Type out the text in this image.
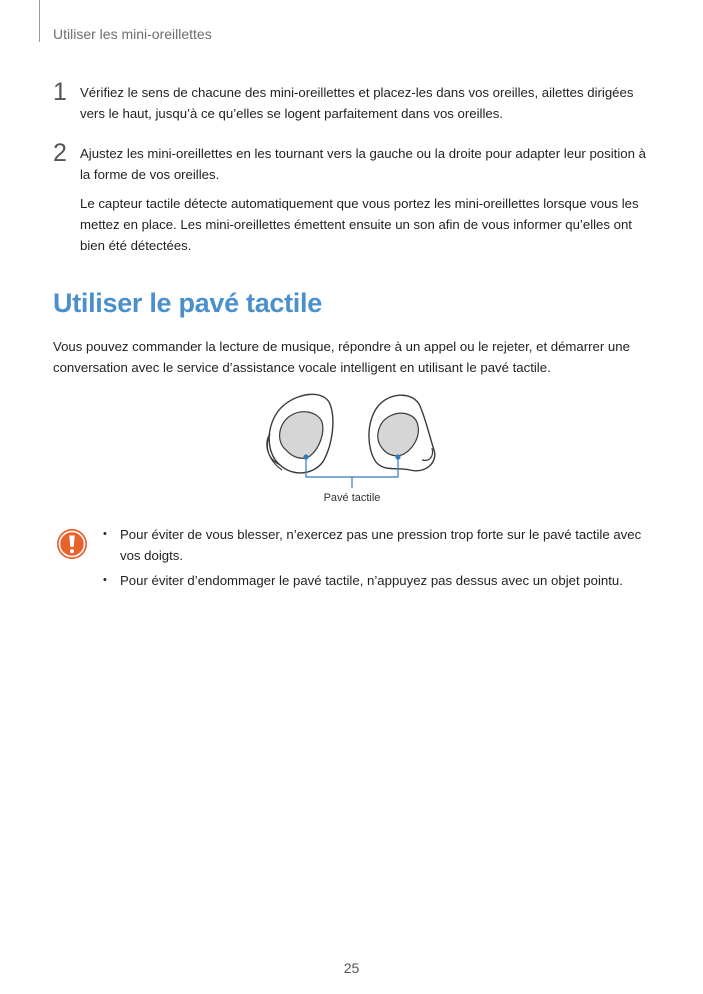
Utiliser les mini-oreillettes
1 Vérifiez le sens de chacune des mini-oreillettes et placez-les dans vos oreilles, ailettes dirigées vers le haut, jusqu’à ce qu’elles se logent parfaitement dans vos oreilles.

2 Ajustez les mini-oreillettes en les tournant vers la gauche ou la droite pour adapter leur position à la forme de vos oreilles.

Le capteur tactile détecte automatiquement que vous portez les mini-oreillettes lorsque vous les mettez en place. Les mini-oreillettes émettent ensuite un son afin de vous informer qu’elles ont bien été détectées.

Utiliser le pavé tactile

Vous pouvez commander la lecture de musique, répondre à un appel ou le rejeter, et démarrer une conversation avec le service d’assistance vocale intelligent en utilisant le pavé tactile.

Pavé tactile
• Pour éviter de vous blesser, n’exercez pas une pression trop forte sur le pavé tactile avec vos doigts.
• Pour éviter d’endommager le pavé tactile, n’appuyez pas dessus avec un objet pointu.
25
